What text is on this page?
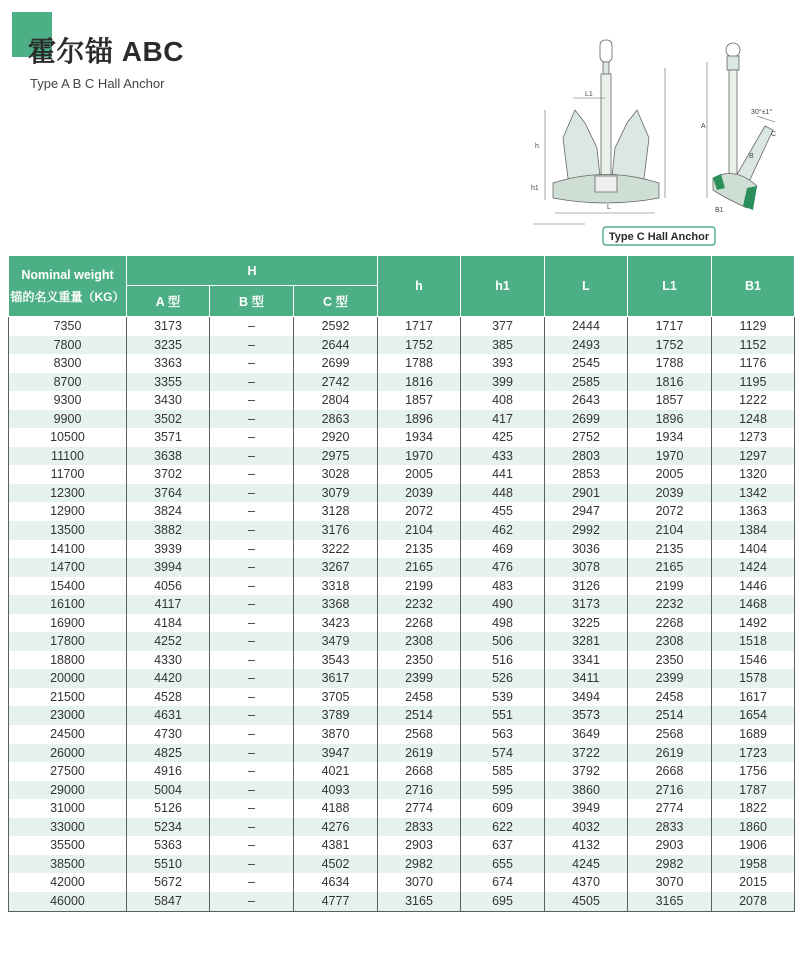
霍尔锚 ABC
Type A B C Hall Anchor
L1
h
h1
L
A
30°±1°
C
B
B1
Type C Hall Anchor
Nominal weight
锚的名义重量（KG）	H			h	h1	L	L1	B1
	A 型	B 型	C 型					
7350	3173	–	2592	1717	377	2444	1717	1129
7800	3235	–	2644	1752	385	2493	1752	1152
8300	3363	–	2699	1788	393	2545	1788	1176
8700	3355	–	2742	1816	399	2585	1816	1195
9300	3430	–	2804	1857	408	2643	1857	1222
9900	3502	–	2863	1896	417	2699	1896	1248
10500	3571	–	2920	1934	425	2752	1934	1273
11100	3638	–	2975	1970	433	2803	1970	1297
11700	3702	–	3028	2005	441	2853	2005	1320
12300	3764	–	3079	2039	448	2901	2039	1342
12900	3824	–	3128	2072	455	2947	2072	1363
13500	3882	–	3176	2104	462	2992	2104	1384
14100	3939	–	3222	2135	469	3036	2135	1404
14700	3994	–	3267	2165	476	3078	2165	1424
15400	4056	–	3318	2199	483	3126	2199	1446
16100	4117	–	3368	2232	490	3173	2232	1468
16900	4184	–	3423	2268	498	3225	2268	1492
17800	4252	–	3479	2308	506	3281	2308	1518
18800	4330	–	3543	2350	516	3341	2350	1546
20000	4420	–	3617	2399	526	3411	2399	1578
21500	4528	–	3705	2458	539	3494	2458	1617
23000	4631	–	3789	2514	551	3573	2514	1654
24500	4730	–	3870	2568	563	3649	2568	1689
26000	4825	–	3947	2619	574	3722	2619	1723
27500	4916	–	4021	2668	585	3792	2668	1756
29000	5004	–	4093	2716	595	3860	2716	1787
31000	5126	–	4188	2774	609	3949	2774	1822
33000	5234	–	4276	2833	622	4032	2833	1860
35500	5363	–	4381	2903	637	4132	2903	1906
38500	5510	–	4502	2982	655	4245	2982	1958
42000	5672	–	4634	3070	674	4370	3070	2015
46000	5847	–	4777	3165	695	4505	3165	2078
